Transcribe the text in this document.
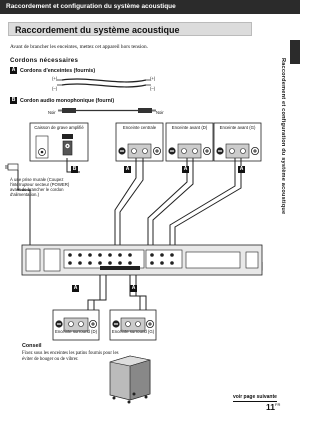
Raccordement et configuration du système acoustique
Raccordement du système acoustique
Avant de brancher les enceintes, mettez cet appareil hors tension.
Cordons nécessaires
A Cordons d'enceintes (fournis)
(+)
(–)
(+)
(–)
B Cordon audio monophonique (fourni)
Noir	Noir	Raccordement et configuration du système acoustique
Caisson de grave amplifié	Enceinte centrale	Enceinte avant (D)	Enceinte avant (G)
B	A	A	A
A	A
À une prise murale (Coupez l'interrupteur secteur (POWER) avant de brancher le cordon d'alimentation.)
Enceinte surround (D)	Enceinte surround (G)
Conseil
Fixez sous les enceintes les patins fournis pour les
éviter de bouger ou de vibrer.
voir page suivante
$11^{FR}$
